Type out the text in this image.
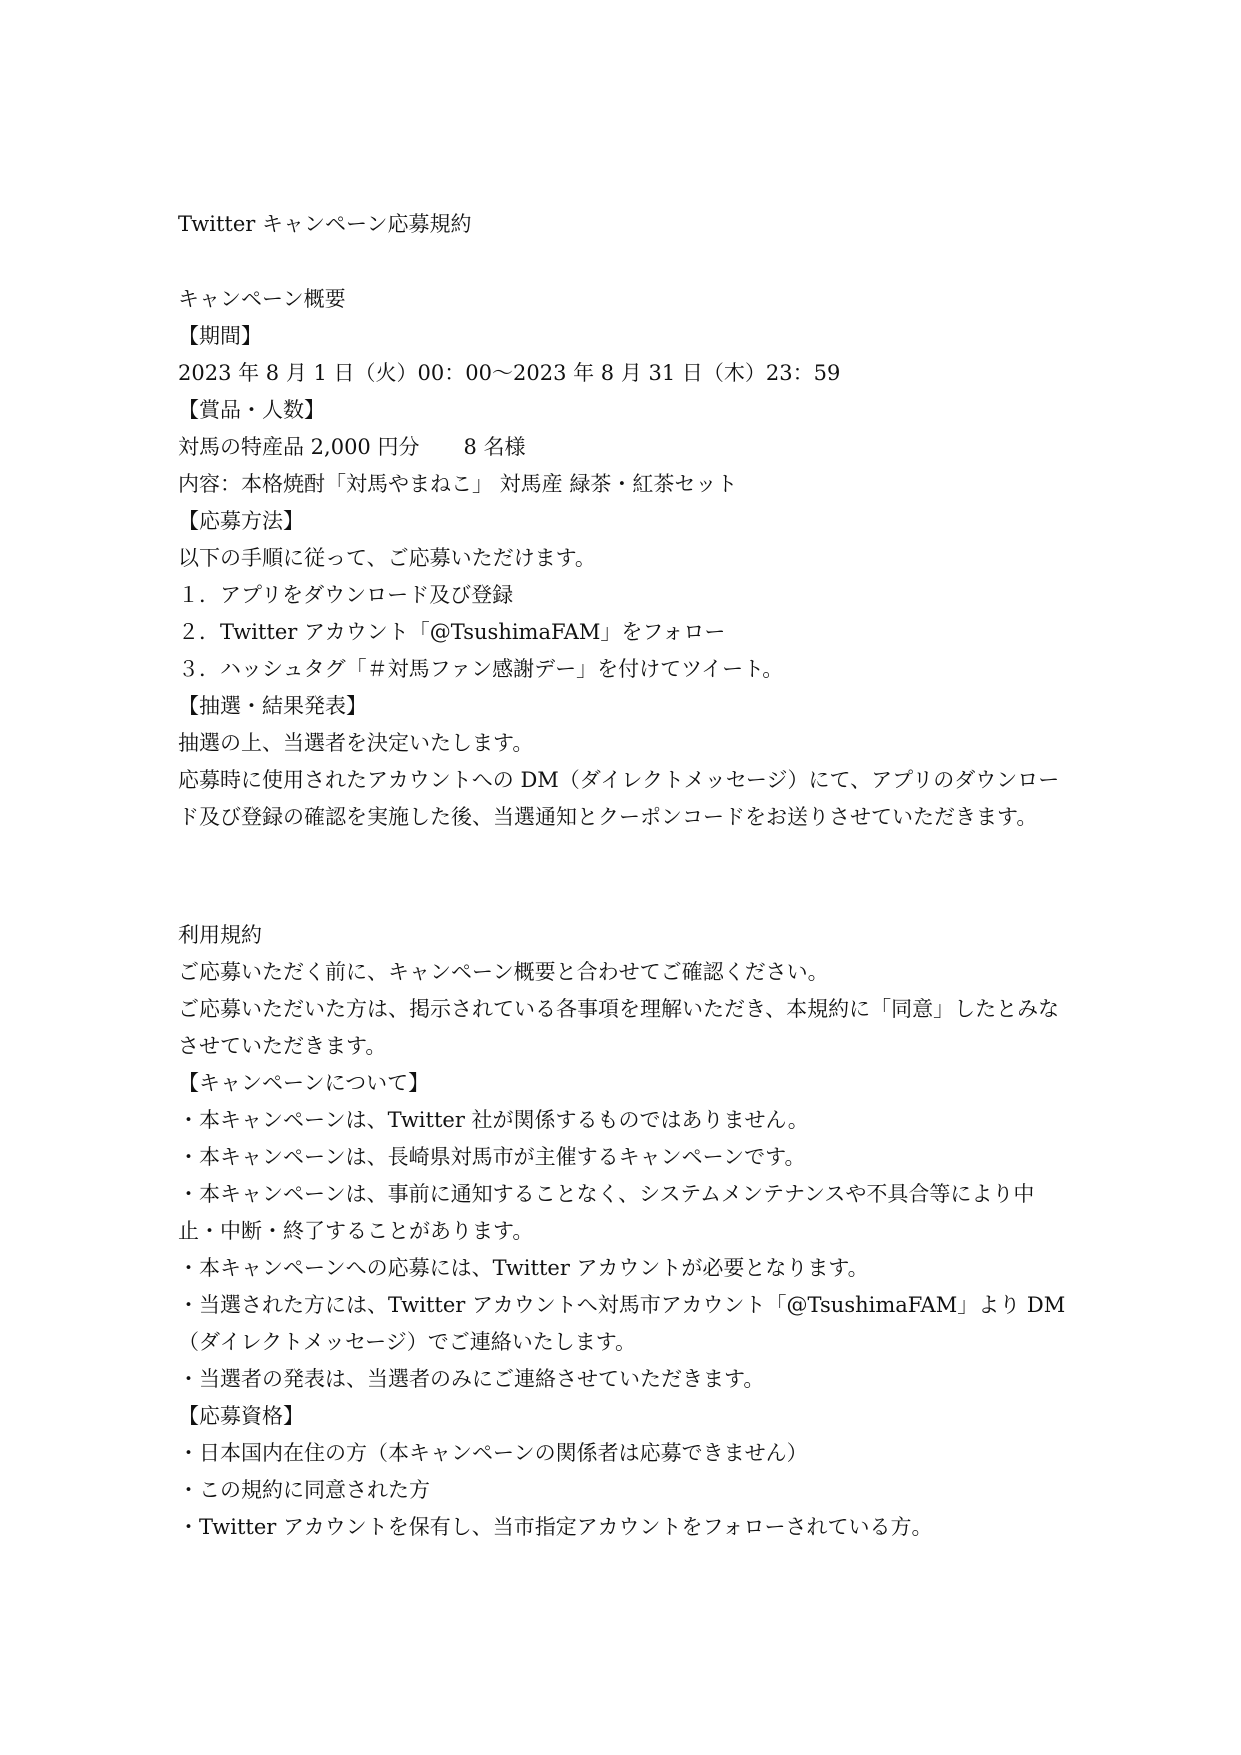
Twitter キャンペーン応募規約
キャンペーン概要
【期間】
2023 年 8 月 1 日（火）00：00～2023 年 8 月 31 日（木）23：59
【賞品・人数】
対馬の特産品 2,000 円分 8 名様
内容：本格焼酎「対馬やまねこ」 対馬産 緑茶・紅茶セット
【応募方法】
以下の手順に従って、ご応募いただけます。
１．アプリをダウンロード及び登録
２．Twitter アカウント「@TsushimaFAM」をフォロー
３．ハッシュタグ「＃対馬ファン感謝デー」を付けてツイート。
【抽選・結果発表】
抽選の上、当選者を決定いたします。
応募時に使用されたアカウントへの DM（ダイレクトメッセージ）にて、アプリのダウンロード及び登録の確認を実施した後、当選通知とクーポンコードをお送りさせていただきます。
利用規約
ご応募いただく前に、キャンペーン概要と合わせてご確認ください。
ご応募いただいた方は、掲示されている各事項を理解いただき、本規約に「同意」したとみなさせていただきます。
【キャンペーンについて】
・本キャンペーンは、Twitter 社が関係するものではありません。
・本キャンペーンは、長崎県対馬市が主催するキャンペーンです。
・本キャンペーンは、事前に通知することなく、システムメンテナンスや不具合等により中止・中断・終了することがあります。
・本キャンペーンへの応募には、Twitter アカウントが必要となります。
・当選された方には、Twitter アカウントへ対馬市アカウント「@TsushimaFAM」より DM（ダイレクトメッセージ）でご連絡いたします。
・当選者の発表は、当選者のみにご連絡させていただきます。
【応募資格】
・日本国内在住の方（本キャンペーンの関係者は応募できません）
・この規約に同意された方
・Twitter アカウントを保有し、当市指定アカウントをフォローされている方。
